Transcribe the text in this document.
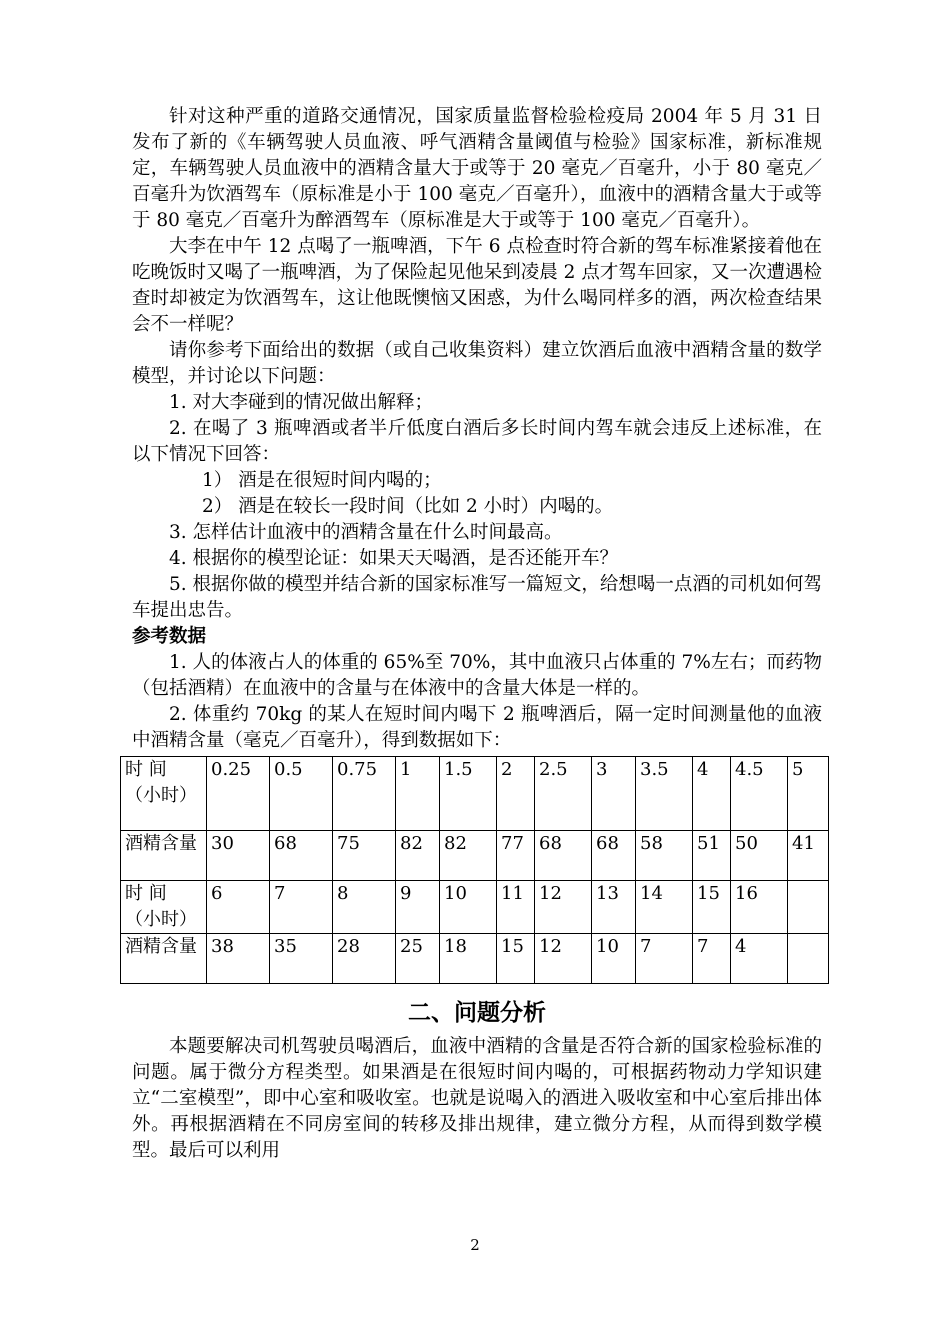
针对这种严重的道路交通情况，国家质量监督检验检疫局 2004 年 5 月 31 日发布了新的《车辆驾驶人员血液、呼气酒精含量阈值与检验》国家标准，新标准规定，车辆驾驶人员血液中的酒精含量大于或等于 20 毫克／百毫升，小于 80 毫克／百毫升为饮酒驾车（原标准是小于 100 毫克／百毫升），血液中的酒精含量大于或等于 80 毫克／百毫升为醉酒驾车（原标准是大于或等于 100 毫克／百毫升）。

大李在中午 12 点喝了一瓶啤酒，下午 6 点检查时符合新的驾车标准紧接着他在吃晚饭时又喝了一瓶啤酒，为了保险起见他呆到凌晨 2 点才驾车回家，又一次遭遇检查时却被定为饮酒驾车，这让他既懊恼又困惑，为什么喝同样多的酒，两次检查结果会不一样呢？

请你参考下面给出的数据（或自己收集资料）建立饮酒后血液中酒精含量的数学模型，并讨论以下问题：

1. 对大李碰到的情况做出解释；

2. 在喝了 3 瓶啤酒或者半斤低度白酒后多长时间内驾车就会违反上述标准，在以下情况下回答：

1） 酒是在很短时间内喝的；

2） 酒是在较长一段时间（比如 2 小时）内喝的。

3. 怎样估计血液中的酒精含量在什么时间最高。

4. 根据你的模型论证：如果天天喝酒，是否还能开车？

5. 根据你做的模型并结合新的国家标准写一篇短文，给想喝一点酒的司机如何驾车提出忠告。

参考数据

1. 人的体液占人的体重的 65%至 70%，其中血液只占体重的 7%左右；而药物（包括酒精）在血液中的含量与在体液中的含量大体是一样的。

2. 体重约 70kg 的某人在短时间内喝下 2 瓶啤酒后，隔一定时间测量他的血液中酒精含量（毫克／百毫升），得到数据如下：

时 间（小时）	0.25	0.5	0.75	1	1.5	2	2.5	3	3.5	4	4.5	5
酒精含量	30	68	75	82	82	77	68	68	58	51	50	41
时 间（小时）	6	7	8	9	10	11	12	13	14	15	16	
酒精含量	38	35	28	25	18	15	12	10	7	7	4	
二、问题分析

本题要解决司机驾驶员喝酒后，血液中酒精的含量是否符合新的国家检验标准的问题。属于微分方程类型。如果酒是在很短时间内喝的，可根据药物动力学知识建立“二室模型”，即中心室和吸收室。也就是说喝入的酒进入吸收室和中心室后排出体外。再根据酒精在不同房室间的转移及排出规律，建立微分方程，从而得到数学模型。最后可以利用

2
